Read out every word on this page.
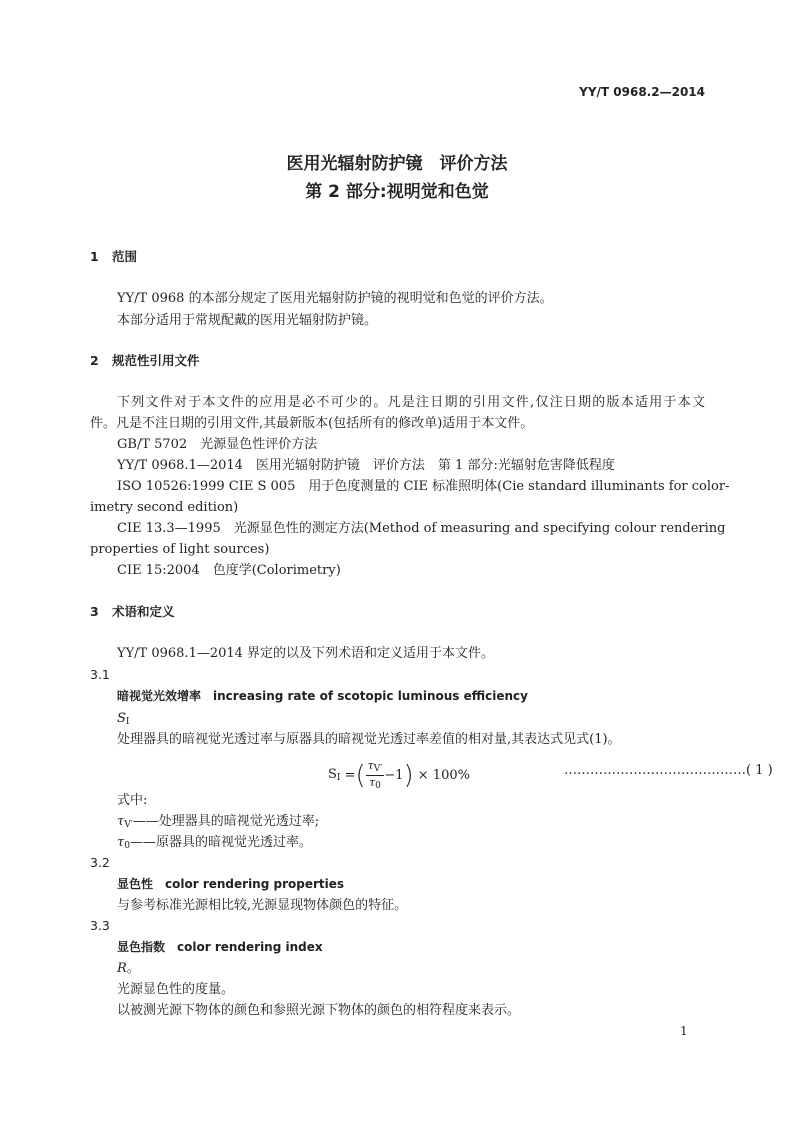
YY/T 0968.2—2014
医用光辐射防护镜　评价方法
第 2 部分:视明觉和色觉
1 范围
YY/T 0968 的本部分规定了医用光辐射防护镜的视明觉和色觉的评价方法。
本部分适用于常规配戴的医用光辐射防护镜。
2 规范性引用文件
下列文件对于本文件的应用是必不可少的。凡是注日期的引用文件,仅注日期的版本适用于本文
件。凡是不注日期的引用文件,其最新版本(包括所有的修改单)适用于本文件。
GB/T 5702　光源显色性评价方法
YY/T 0968.1—2014　医用光辐射防护镜　评价方法　第 1 部分:光辐射危害降低程度
ISO 10526:1999 CIE S 005　用于色度测量的 CIE 标准照明体(Cie standard illuminants for color-
imetry second edition)
CIE 13.3—1995　光源显色性的测定方法(Method of measuring and specifying colour rendering
properties of light sources)
CIE 15:2004　色度学(Colorimetry)
3 术语和定义
YY/T 0968.1—2014 界定的以及下列术语和定义适用于本文件。
3.1
暗视觉光效增率 increasing rate of scotopic luminous efficiency
$S_I$
处理器具的暗视觉光透过率与原器具的暗视觉光透过率差值的相对量,其表达式见式(1)。
$S_I$ =( $\frac{\tau_{V'}}{\tau_0} -1) \times 100\%$	……………………………………( 1 )
式中:
$\tau_{V'}——$处理器具的暗视觉光透过率;
$\tau_0——$原器具的暗视觉光透过率。
3.2
显色性 color rendering properties
与参考标准光源相比较,光源显现物体颜色的特征。
3.3
显色指数 color rendering index
R。
光源显色性的度量。
以被测光源下物体的颜色和参照光源下物体的颜色的相符程度来表示。
1
